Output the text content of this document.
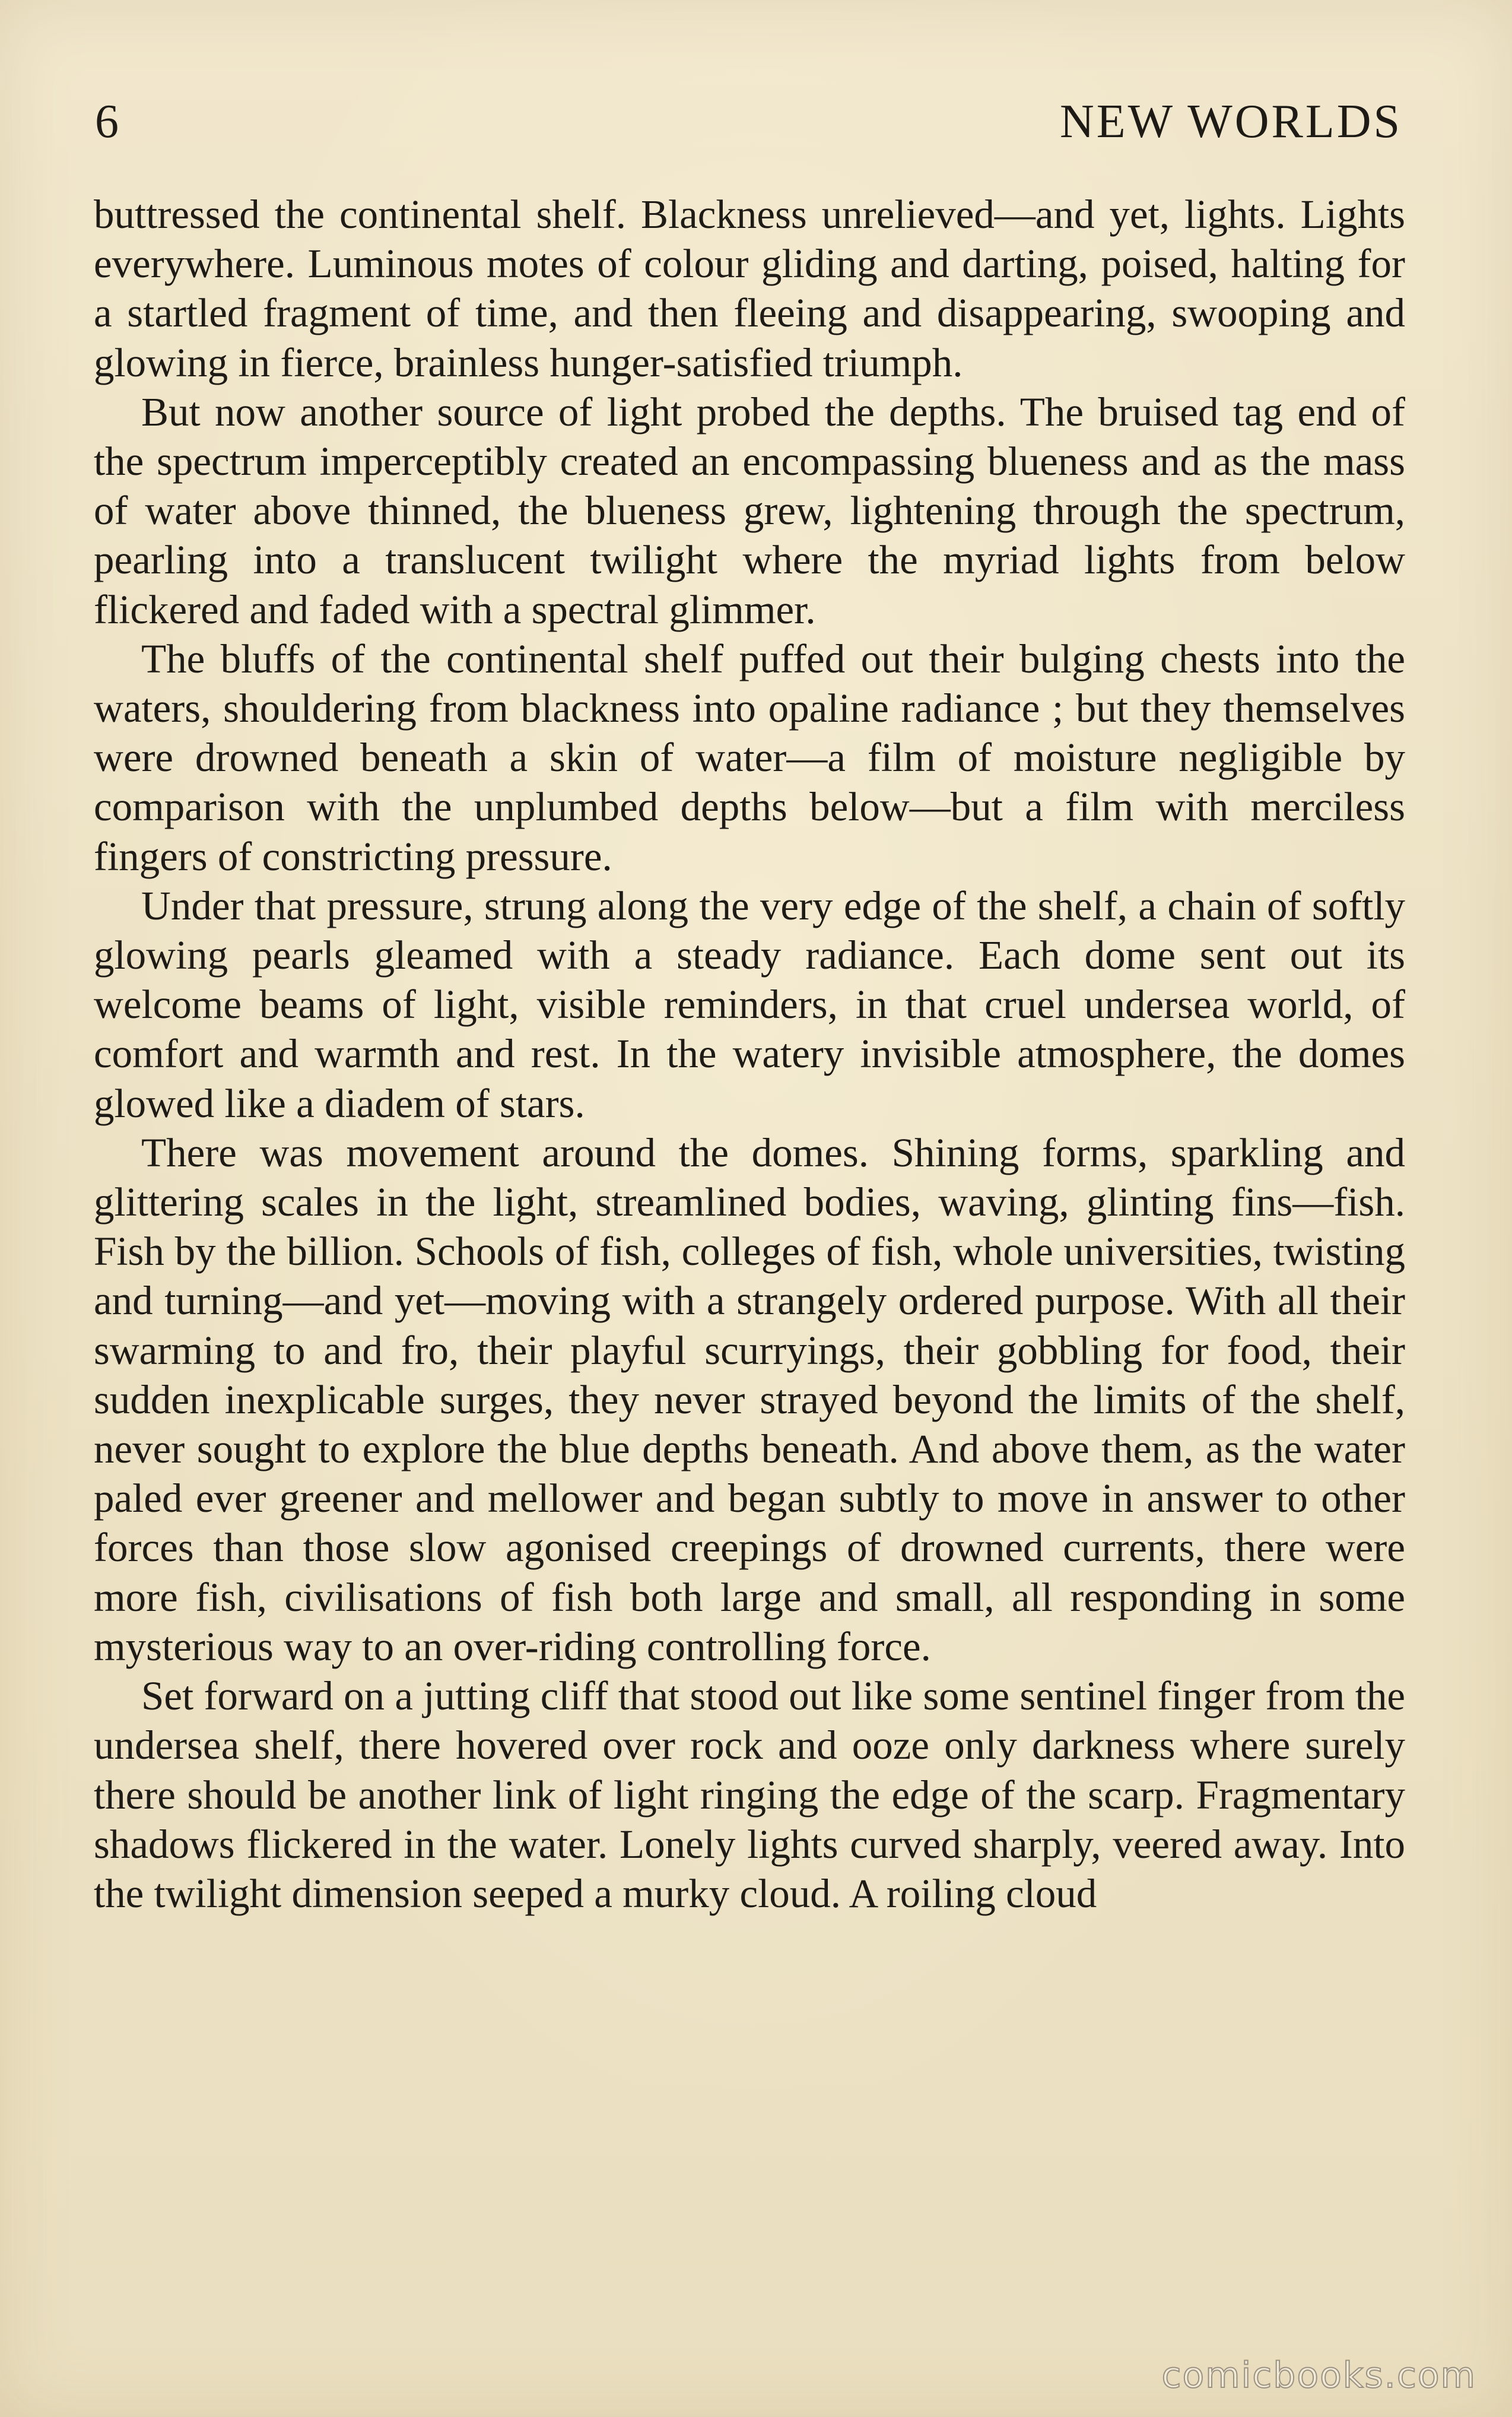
6	NEW WORLDS

buttressed the continental shelf. Blackness unrelieved—and yet, lights. Lights everywhere. Luminous motes of colour gliding and darting, poised, halting for a startled fragment of time, and then fleeing and disappearing, swooping and glowing in fierce, brainless hunger-satisfied triumph.

But now another source of light probed the depths. The bruised tag end of the spectrum imperceptibly created an encompassing blueness and as the mass of water above thinned, the blueness grew, lightening through the spectrum, pearling into a translucent twilight where the myriad lights from below flickered and faded with a spectral glimmer.

The bluffs of the continental shelf puffed out their bulging chests into the waters, shouldering from blackness into opaline radiance ; but they themselves were drowned beneath a skin of water—a film of moisture negligible by comparison with the unplumbed depths below—but a film with merciless fingers of constricting pressure.

Under that pressure, strung along the very edge of the shelf, a chain of softly glowing pearls gleamed with a steady radiance. Each dome sent out its welcome beams of light, visible reminders, in that cruel undersea world, of comfort and warmth and rest. In the watery invisible atmosphere, the domes glowed like a diadem of stars.

There was movement around the domes. Shining forms, sparkling and glittering scales in the light, streamlined bodies, waving, glinting fins—fish. Fish by the billion. Schools of fish, colleges of fish, whole universities, twisting and turning—and yet—moving with a strangely ordered purpose. With all their swarming to and fro, their playful scurryings, their gobbling for food, their sudden inexplicable surges, they never strayed beyond the limits of the shelf, never sought to explore the blue depths beneath. And above them, as the water paled ever greener and mellower and began subtly to move in answer to other forces than those slow agonised creepings of drowned currents, there were more fish, civilisations of fish both large and small, all responding in some mysterious way to an over-riding controlling force.

Set forward on a jutting cliff that stood out like some sentinel finger from the undersea shelf, there hovered over rock and ooze only darkness where surely there should be another link of light ringing the edge of the scarp. Fragmentary shadows flickered in the water. Lonely lights curved sharply, veered away. Into the twilight dimension seeped a murky cloud. A roiling cloud

comicbooks.com
